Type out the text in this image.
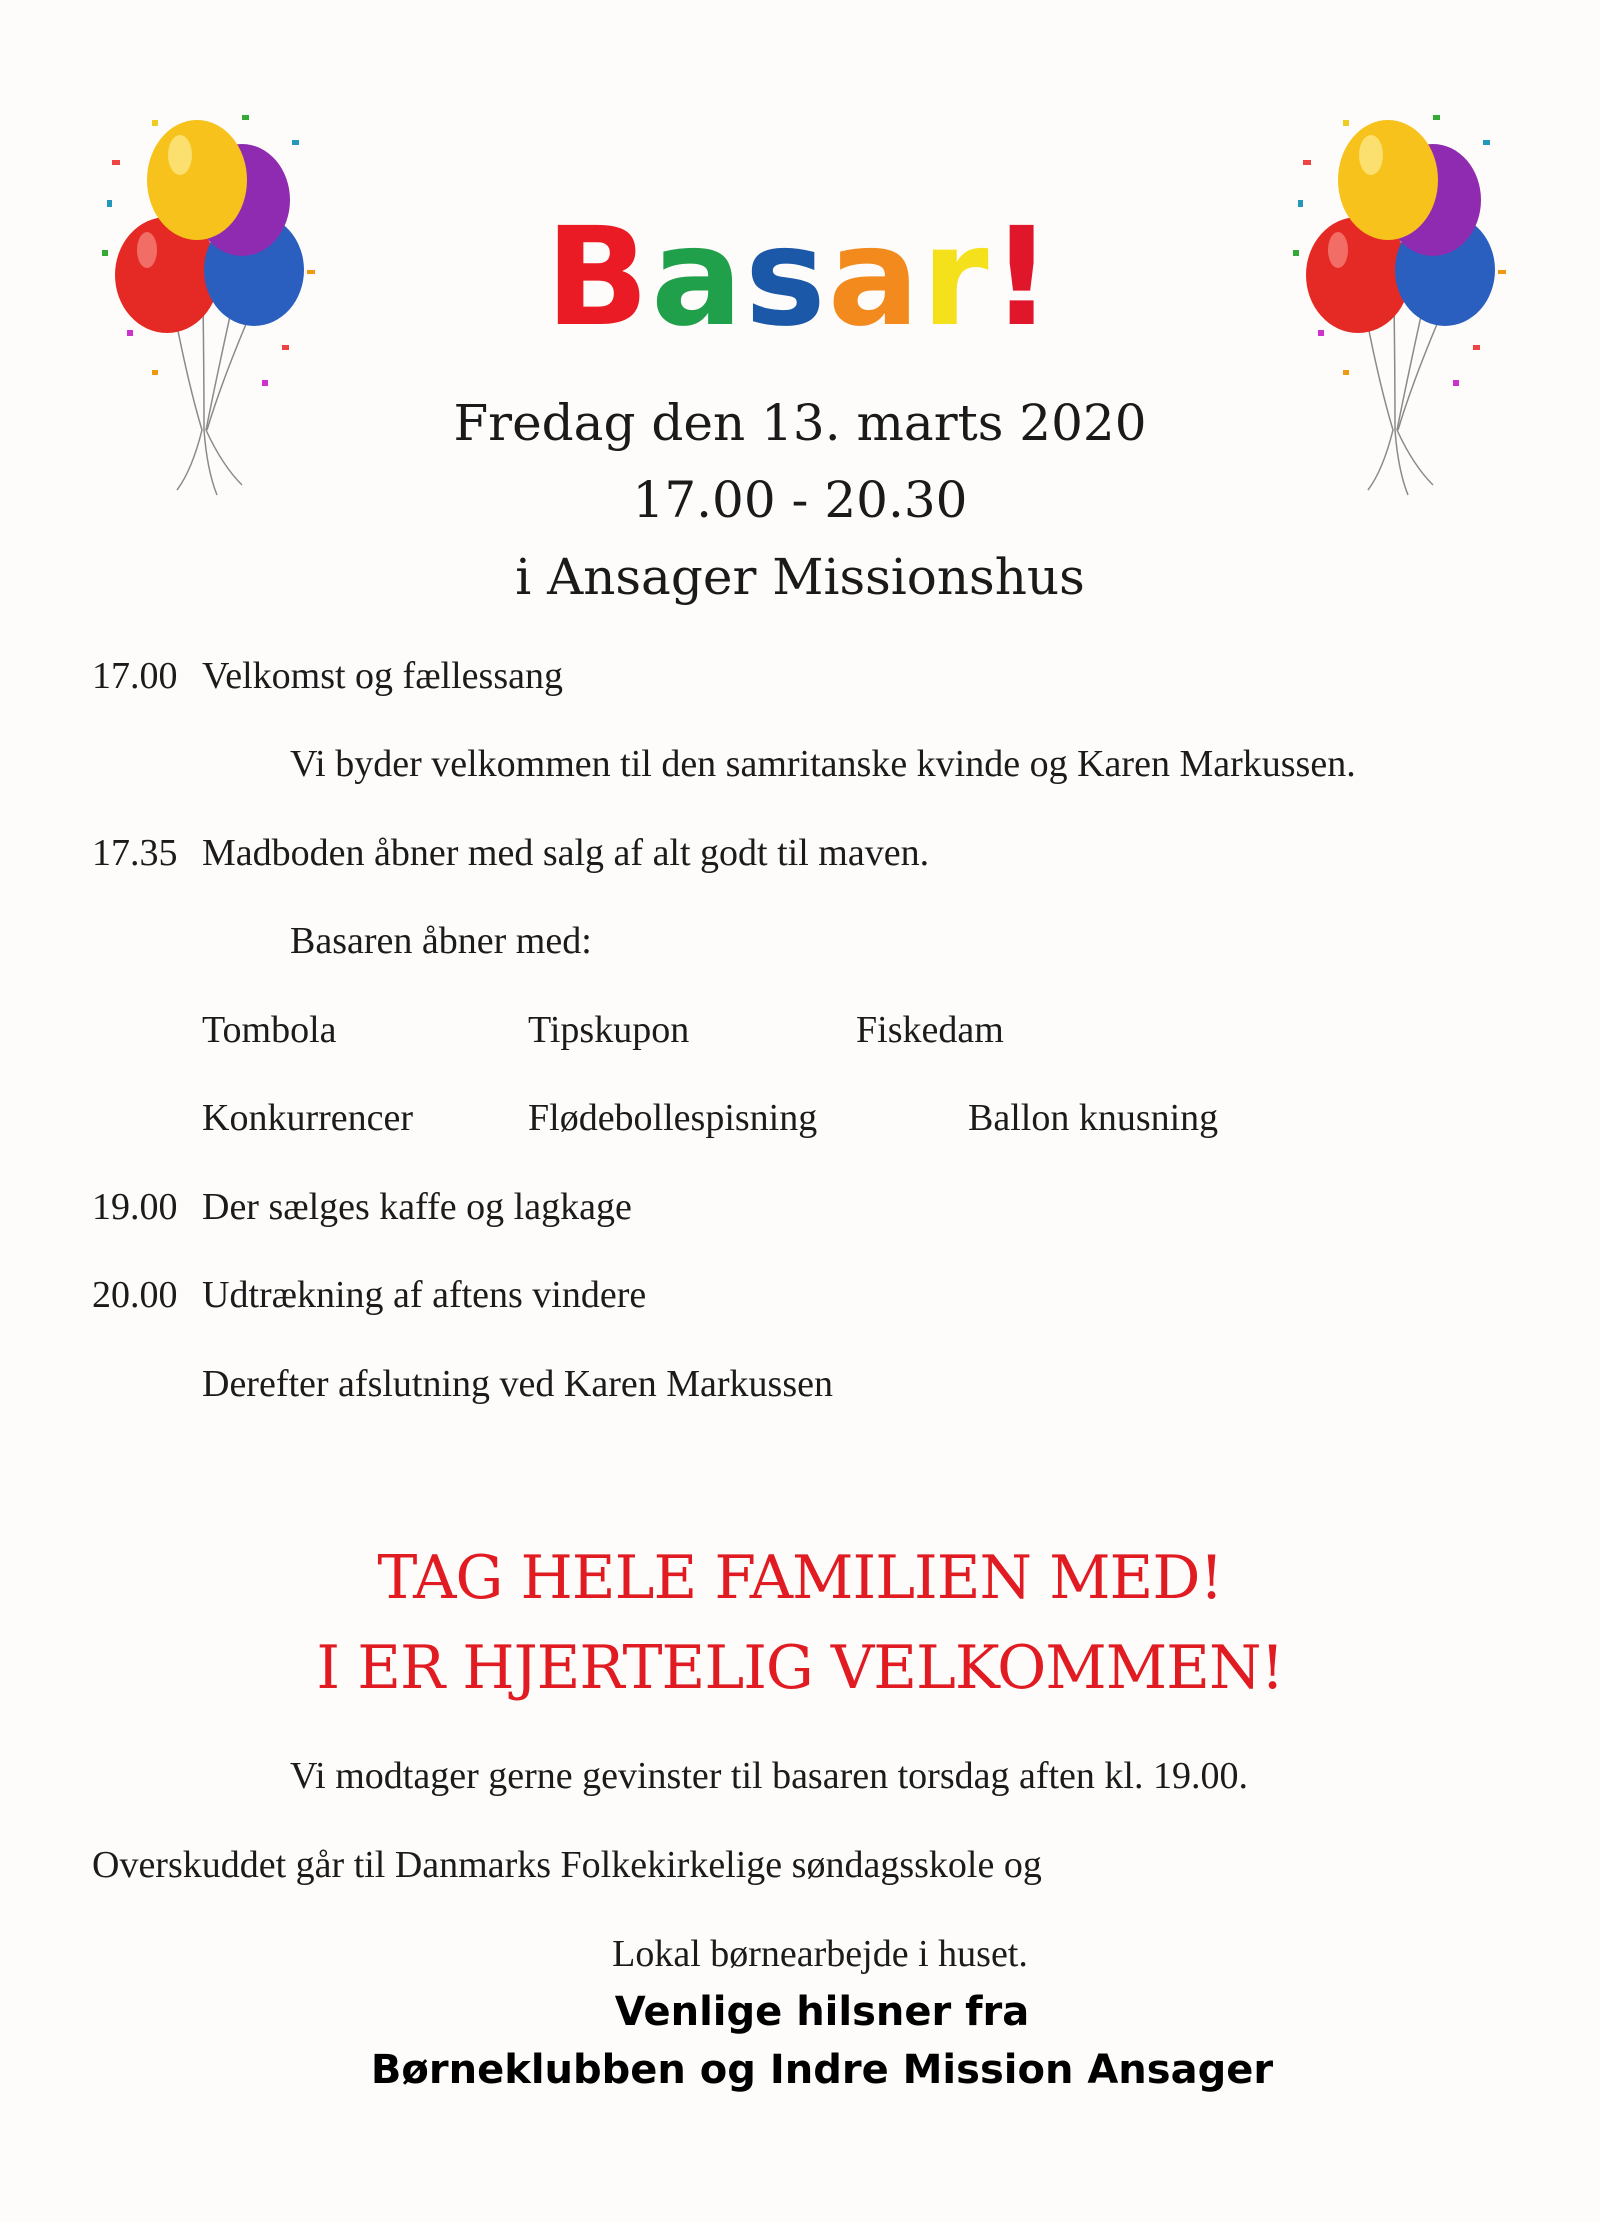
Basar!
Fredag den 13. marts 2020
17.00 - 20.30
i Ansager Missionshus
17.00 Velkomst og fællessang
Vi byder velkommen til den samritanske kvinde og Karen Markussen.
17.35 Madboden åbner med salg af alt godt til maven.
Basaren åbner med:
Tombola	Tipskupon	Fiskedam
Konkurrencer	Flødebollespisning	Ballon knusning
19.00 Der sælges kaffe og lagkage
20.00 Udtrækning af aftens vindere
Derefter afslutning ved Karen Markussen
TAG HELE FAMILIEN MED!
I ER HJERTELIG VELKOMMEN!
Vi modtager gerne gevinster til basaren torsdag aften kl. 19.00.
Overskuddet går til Danmarks Folkekirkelige søndagsskole og
Lokal børnearbejde i huset.
Venlige hilsner fra
Børneklubben og Indre Mission Ansager
